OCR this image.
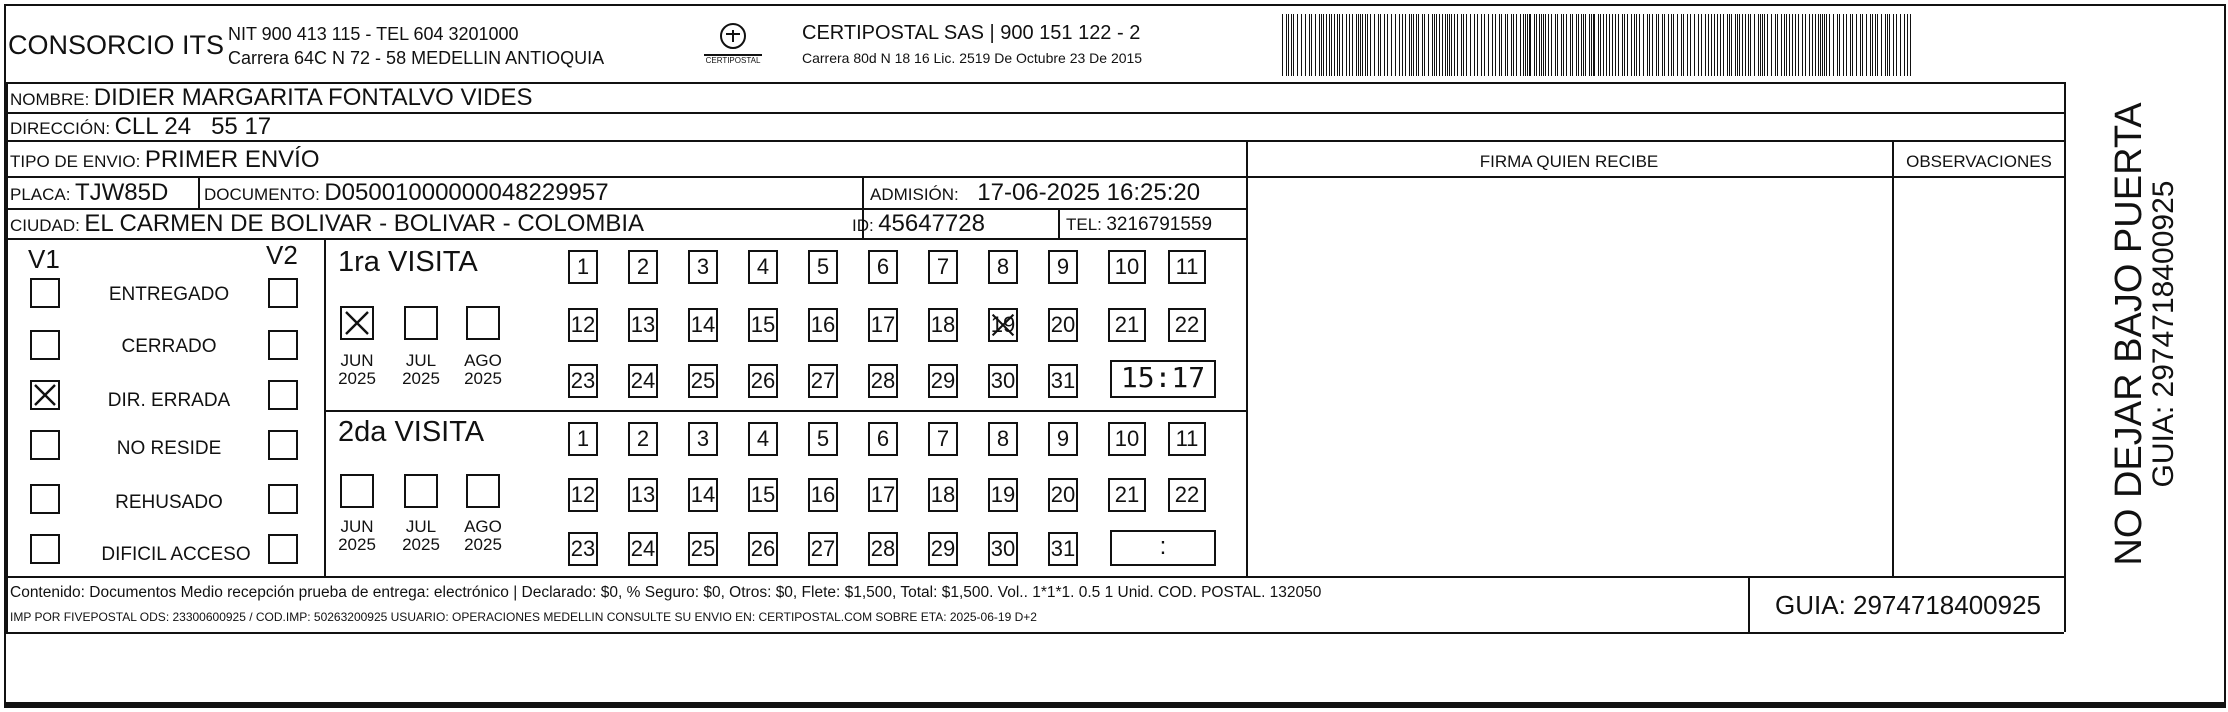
CONSORCIO ITS NIT 900 413 115 - TEL 604 3201000
Carrera 64C N 72 - 58 MEDELLIN ANTIOQUIA	CERTIPOSTAL
CERTIPOSTAL SAS | 900 151 122 - 2
Carrera 80d N 18 16 Lic. 2519 De Octubre 23 De 2015
NOMBRE: DIDIER MARGARITA FONTALVO VIDES
DIRECCIÓN: CLL 24   55 17
TIPO DE ENVIO: PRIMER ENVÍO
PLACA: TJW85D DOCUMENTO: D05001000000048229957	ADMISIÓN: 17-06-2025 16:25:20
CIUDAD: EL CARMEN DE BOLIVAR - BOLIVAR - COLOMBIA	ID: 45647728	TEL: 3216791559
FIRMA QUIEN RECIBE	OBSERVACIONES
V1	V2
ENTREGADO
CERRADO
DIR. ERRADA
NO RESIDE
REHUSADO
DIFICIL ACCESO
1ra VISITA
JUN
2025
JUL
2025
AGO
2025
1	2	3	4	5	6	7	8	9	10	11
12 13 14 15 16 17 18 19 20	21	22
23 24 25 26 27 28 29 30 31	15:17
2da VISITA
JUN
2025
JUL
2025
AGO
2025
1	2	3	4	5	6	7	8	9	10	11
12 13 14 15 16 17 18 19 20	21	22
23 24 25 26 27 28 29 30 31	:
Contenido: Documentos Medio recepción prueba de entrega: electrónico | Declarado: $0, % Seguro: $0, Otros: $0, Flete: $1,500, Total: $1,500. Vol.. 1*1*1. 0.5 1 Unid. COD. POSTAL. 132050
IMP POR FIVEPOSTAL ODS: 23300600925 / COD.IMP: 50263200925 USUARIO: OPERACIONES MEDELLIN CONSULTE SU ENVIO EN: CERTIPOSTAL.COM SOBRE ETA: 2025-06-19 D+2	GUIA: 2974718400925
NO DEJAR BAJO PUERTA
GUIA: 2974718400925
